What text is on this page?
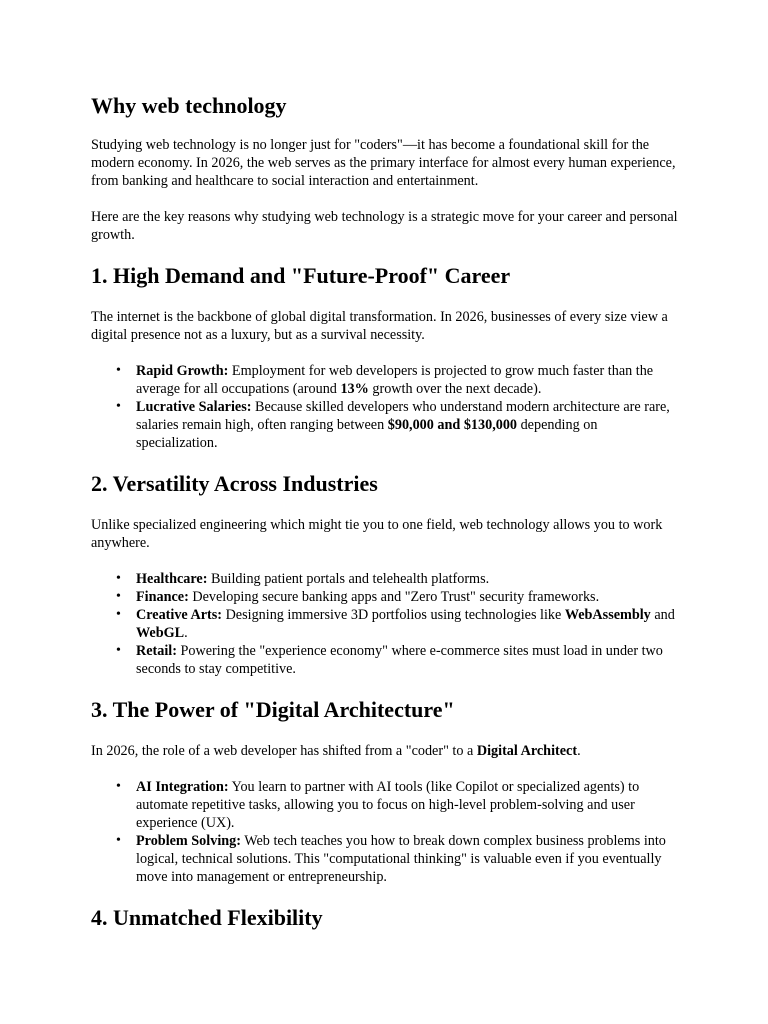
Why web technology

Studying web technology is no longer just for "coders"—it has become a foundational skill for the modern economy. In 2026, the web serves as the primary interface for almost every human experience, from banking and healthcare to social interaction and entertainment.

Here are the key reasons why studying web technology is a strategic move for your career and personal growth.

1. High Demand and "Future-Proof" Career

The internet is the backbone of global digital transformation. In 2026, businesses of every size view a digital presence not as a luxury, but as a survival necessity.

• Rapid Growth: Employment for web developers is projected to grow much faster than the average for all occupations (around 13% growth over the next decade).
• Lucrative Salaries: Because skilled developers who understand modern architecture are rare, salaries remain high, often ranging between $90,000 and $130,000 depending on specialization.
2. Versatility Across Industries

Unlike specialized engineering which might tie you to one field, web technology allows you to work anywhere.

• Healthcare: Building patient portals and telehealth platforms.
• Finance: Developing secure banking apps and "Zero Trust" security frameworks.
• Creative Arts: Designing immersive 3D portfolios using technologies like WebAssembly and WebGL.
• Retail: Powering the "experience economy" where e-commerce sites must load in under two seconds to stay competitive.
3. The Power of "Digital Architecture"

In 2026, the role of a web developer has shifted from a "coder" to a Digital Architect.

• AI Integration: You learn to partner with AI tools (like Copilot or specialized agents) to automate repetitive tasks, allowing you to focus on high-level problem-solving and user experience (UX).
• Problem Solving: Web tech teaches you how to break down complex business problems into logical, technical solutions. This "computational thinking" is valuable even if you eventually move into management or entrepreneurship.
4. Unmatched Flexibility
